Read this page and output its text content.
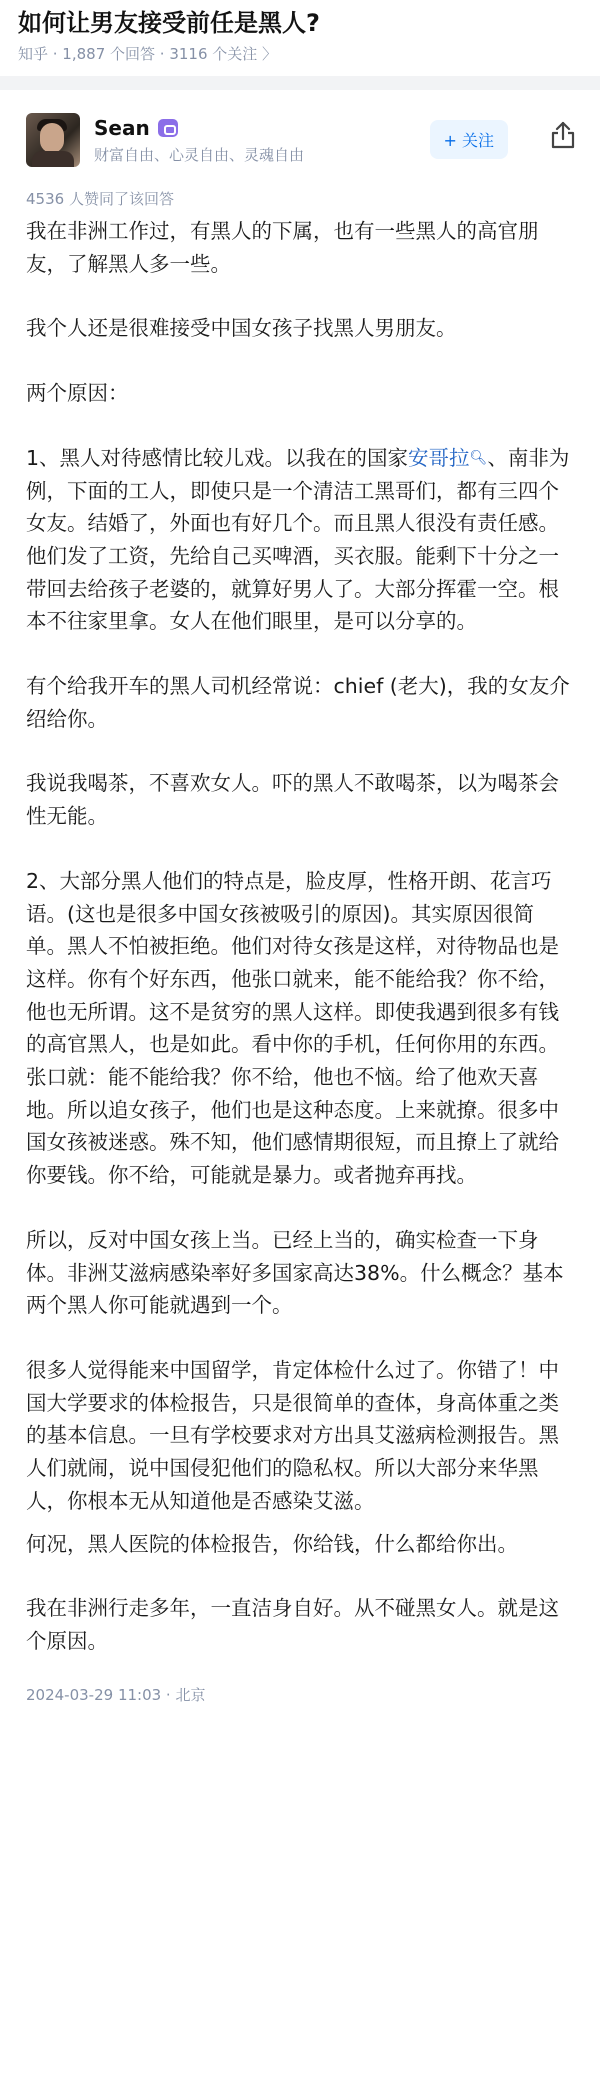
如何让男友接受前任是黑人?
知乎 · 1,887 个回答 · 3116 个关注 〉
Sean
财富自由、心灵自由、灵魂自由
+ 关注
4536 人赞同了该回答

我在非洲工作过，有黑人的下属，也有一些黑人的高官朋友，了解黑人多一些。

我个人还是很难接受中国女孩子找黑人男朋友。

两个原因：

1、黑人对待感情比较儿戏。以我在的国家安哥拉🔍︎、南非为例，下面的工人，即使只是一个清洁工黑哥们，都有三四个女友。结婚了，外面也有好几个。而且黑人很没有责任感。他们发了工资，先给自己买啤酒，买衣服。能剩下十分之一带回去给孩子老婆的，就算好男人了。大部分挥霍一空。根本不往家里拿。女人在他们眼里，是可以分享的。

有个给我开车的黑人司机经常说：chief (老大)，我的女友介绍给你。

我说我喝茶，不喜欢女人。吓的黑人不敢喝茶，以为喝茶会性无能。

2、大部分黑人他们的特点是，脸皮厚，性格开朗、花言巧语。(这也是很多中国女孩被吸引的原因)。其实原因很简单。黑人不怕被拒绝。他们对待女孩是这样，对待物品也是这样。你有个好东西，他张口就来，能不能给我？你不给，他也无所谓。这不是贫穷的黑人这样。即使我遇到很多有钱的高官黑人，也是如此。看中你的手机，任何你用的东西。张口就：能不能给我？你不给，他也不恼。给了他欢天喜地。所以追女孩子，他们也是这种态度。上来就撩。很多中国女孩被迷惑。殊不知，他们感情期很短，而且撩上了就给你要钱。你不给，可能就是暴力。或者抛弃再找。

所以，反对中国女孩上当。已经上当的，确实检查一下身体。非洲艾滋病感染率好多国家高达38%。什么概念？基本两个黑人你可能就遇到一个。

很多人觉得能来中国留学，肯定体检什么过了。你错了！中国大学要求的体检报告，只是很简单的查体，身高体重之类的基本信息。一旦有学校要求对方出具艾滋病检测报告。黑人们就闹，说中国侵犯他们的隐私权。所以大部分来华黑人，你根本无从知道他是否感染艾滋。

何况，黑人医院的体检报告，你给钱，什么都给你出。

我在非洲行走多年，一直洁身自好。从不碰黑女人。就是这个原因。

2024-03-29 11:03 · 北京
